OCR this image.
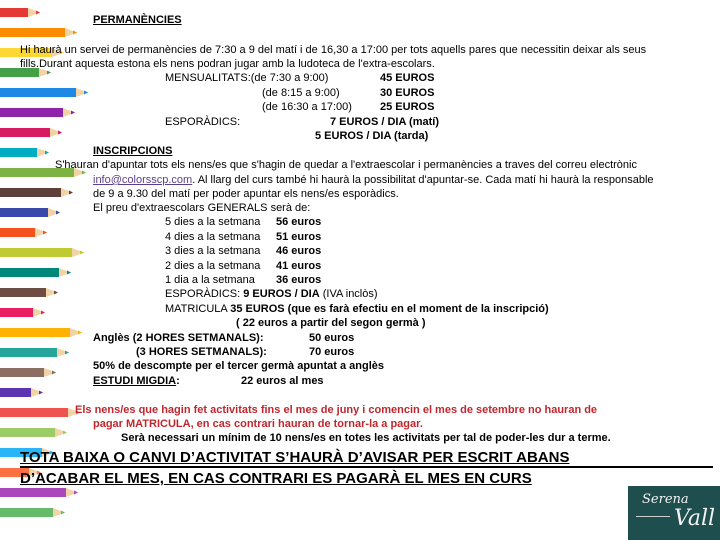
PERMANÈNCIES
Hi haurà un servei de permanències de 7:30 a 9 del matí i de 16,30 a 17:00 per tots aquells pares que necessitin deixar als seus
fills.Durant aquesta estona els nens podran jugar amb la ludoteca de l'extra-escolars.
MENSUALITATS:(de 7:30 a 9:00)	45 EUROS
(de 8:15 a 9:00)	30 EUROS
(de 16:30 a 17:00)	25 EUROS
ESPORÀDICS:	7 EUROS / DIA (matí)
5 EUROS / DIA (tarda)
INSCRIPCIONS
S'hauran d'apuntar tots els nens/es que s'hagin de quedar a l'extraescolar i permanències a traves del correu electrònic
info@colorsscp.com. Al llarg del curs també hi haurà la possibilitat d'apuntar-se. Cada matí hi haurà la responsable
de 9 a 9.30 del matí per poder apuntar els nens/es esporàdics.
El preu d'extraescolars GENERALS serà de:
5 dies a la setmana 56 euros
4 dies a la setmana 51 euros
3 dies a la setmana 46 euros
2 dies a la setmana 41 euros
1 dia a la setmana 36 euros
ESPORÀDICS: 9 EUROS / DIA (IVA inclòs)
MATRICULA 35 EUROS (que es farà efectiu en el moment de la inscripció)
( 22 euros a partir del segon germà )
Anglès (2 HORES SETMANALS):	50 euros
(3 HORES SETMANALS):	70 euros
50% de descompte per el tercer germà apuntat a anglès
ESTUDI MIGDIA:	22 euros al mes
Els nens/es que hagin fet activitats fins el mes de juny i comencin el mes de setembre no hauran de
pagar MATRICULA, en cas contrari hauran de tornar-la a pagar.
Serà necessari un mínim de 10 nens/es en totes les activitats per tal de poder-les dur a terme.
TOTA BAIXA O CANVI D’ACTIVITAT S’HAURÀ D’AVISAR PER ESCRIT ABANS
D’ACABAR EL MES, EN CAS CONTRARI ES PAGARÀ EL MES EN CURS
Serena
Vall
